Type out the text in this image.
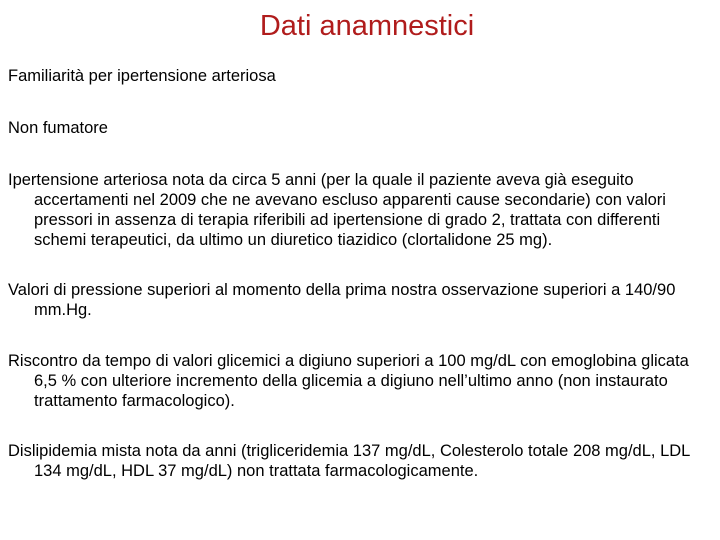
Dati anamnestici

Familiarità per ipertensione arteriosa

Non fumatore

Ipertensione arteriosa nota da circa 5 anni (per la quale il paziente aveva già eseguito accertamenti nel 2009 che ne avevano escluso apparenti cause secondarie) con valori pressori in assenza di terapia riferibili ad ipertensione di grado 2, trattata con differenti schemi terapeutici, da ultimo un diuretico tiazidico (clortalidone 25 mg).

Valori di pressione superiori al momento della prima nostra osservazione superiori a 140/90 mm.Hg.

Riscontro da tempo di valori glicemici a digiuno superiori a 100 mg/dL con emoglobina glicata 6,5 % con ulteriore incremento della glicemia a digiuno nell’ultimo anno (non instaurato trattamento farmacologico).

Dislipidemia mista nota da anni (trigliceridemia 137 mg/dL, Colesterolo totale 208 mg/dL, LDL 134 mg/dL, HDL 37 mg/dL) non trattata farmacologicamente.
